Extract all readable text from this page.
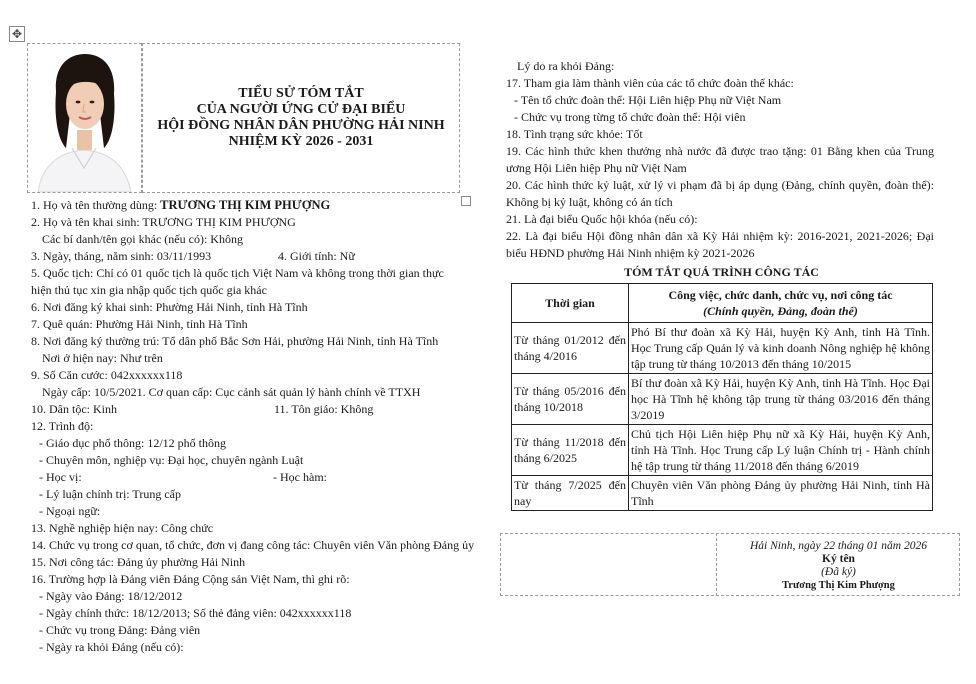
✥
TIỂU SỬ TÓM TẮT
CỦA NGƯỜI ỨNG CỬ ĐẠI BIỂU
HỘI ĐỒNG NHÂN DÂN PHƯỜNG HẢI NINH
NHIỆM KỲ 2026 - 2031
1. Họ và tên thường dùng: TRƯƠNG THỊ KIM PHƯỢNG
2. Họ và tên khai sinh: TRƯƠNG THỊ KIM PHƯỢNG
Các bí danh/tên gọi khác (nếu có): Không
3. Ngày, tháng, năm sinh: 03/11/1993	4. Giới tính: Nữ
5. Quốc tịch: Chỉ có 01 quốc tịch là quốc tịch Việt Nam và không trong thời gian thực
hiện thủ tục xin gia nhập quốc tịch quốc gia khác
6. Nơi đăng ký khai sinh: Phường Hải Ninh, tỉnh Hà Tĩnh
7. Quê quán: Phường Hải Ninh, tỉnh Hà Tĩnh
8. Nơi đăng ký thường trú: Tổ dân phố Bắc Sơn Hải, phường Hải Ninh, tỉnh Hà Tĩnh
Nơi ở hiện nay: Như trên
9. Số Căn cước: 042xxxxxx118
Ngày cấp: 10/5/2021. Cơ quan cấp: Cục cảnh sát quản lý hành chính về TTXH
10. Dân tộc: Kinh	11. Tôn giáo: Không
12. Trình độ:
- Giáo dục phổ thông: 12/12 phổ thông
- Chuyên môn, nghiệp vụ: Đại học, chuyên ngành Luật
- Học vị:	- Học hàm:
- Lý luận chính trị: Trung cấp
- Ngoại ngữ:
13. Nghề nghiệp hiện nay: Công chức
14. Chức vụ trong cơ quan, tổ chức, đơn vị đang công tác: Chuyên viên Văn phòng Đảng ủy
15. Nơi công tác: Đảng ủy phường Hải Ninh
16. Trường hợp là Đảng viên Đảng Cộng sản Việt Nam, thì ghi rõ:
- Ngày vào Đảng: 18/12/2012
- Ngày chính thức: 18/12/2013; Số thẻ đảng viên: 042xxxxxx118
- Chức vụ trong Đảng: Đảng viên
- Ngày ra khỏi Đảng (nếu có):
Lý do ra khỏi Đảng:
17. Tham gia làm thành viên của các tổ chức đoàn thể khác:
- Tên tổ chức đoàn thể: Hội Liên hiệp Phụ nữ Việt Nam
- Chức vụ trong từng tổ chức đoàn thể: Hội viên
18. Tình trạng sức khỏe: Tốt
19. Các hình thức khen thưởng nhà nước đã được trao tặng: 01 Bằng khen của Trung ương Hội Liên hiệp Phụ nữ Việt Nam
20. Các hình thức kỷ luật, xử lý vi phạm đã bị áp dụng (Đảng, chính quyền, đoàn thể): Không bị kỷ luật, không có án tích
21. Là đại biểu Quốc hội khóa (nếu có):
22. Là đại biểu Hội đồng nhân dân xã Kỳ Hải nhiệm kỳ: 2016-2021, 2021-2026; Đại biểu HĐND phường Hải Ninh nhiệm kỳ 2021-2026
TÓM TẮT QUÁ TRÌNH CÔNG TÁC
Thời gian	Công việc, chức danh, chức vụ, nơi công tác
(Chính quyền, Đảng, đoàn thể)

Từ tháng 01/2012 đến tháng 4/2016	Phó Bí thư đoàn xã Kỳ Hải, huyện Kỳ Anh, tỉnh Hà Tĩnh. Học Trung cấp Quản lý và kinh doanh Nông nghiệp hệ không tập trung từ tháng 10/2013 đến tháng 10/2015
Từ tháng 05/2016 đến tháng 10/2018	Bí thư đoàn xã Kỳ Hải, huyện Kỳ Anh, tỉnh Hà Tĩnh. Học Đại học Hà Tĩnh hệ không tập trung từ tháng 03/2016 đến tháng 3/2019
Từ tháng 11/2018 đến tháng 6/2025	Chủ tịch Hội Liên hiệp Phụ nữ xã Kỳ Hải, huyện Kỳ Anh, tỉnh Hà Tĩnh. Học Trung cấp Lý luận Chính trị - Hành chính hệ tập trung từ tháng 11/2018 đến tháng 6/2019
Từ tháng 7/2025 đến nay	Chuyên viên Văn phòng Đảng ủy phường Hải Ninh, tỉnh Hà Tĩnh
Hải Ninh, ngày 22 tháng 01 năm 2026
Ký tên
(Đã ký)
Trương Thị Kim Phượng
